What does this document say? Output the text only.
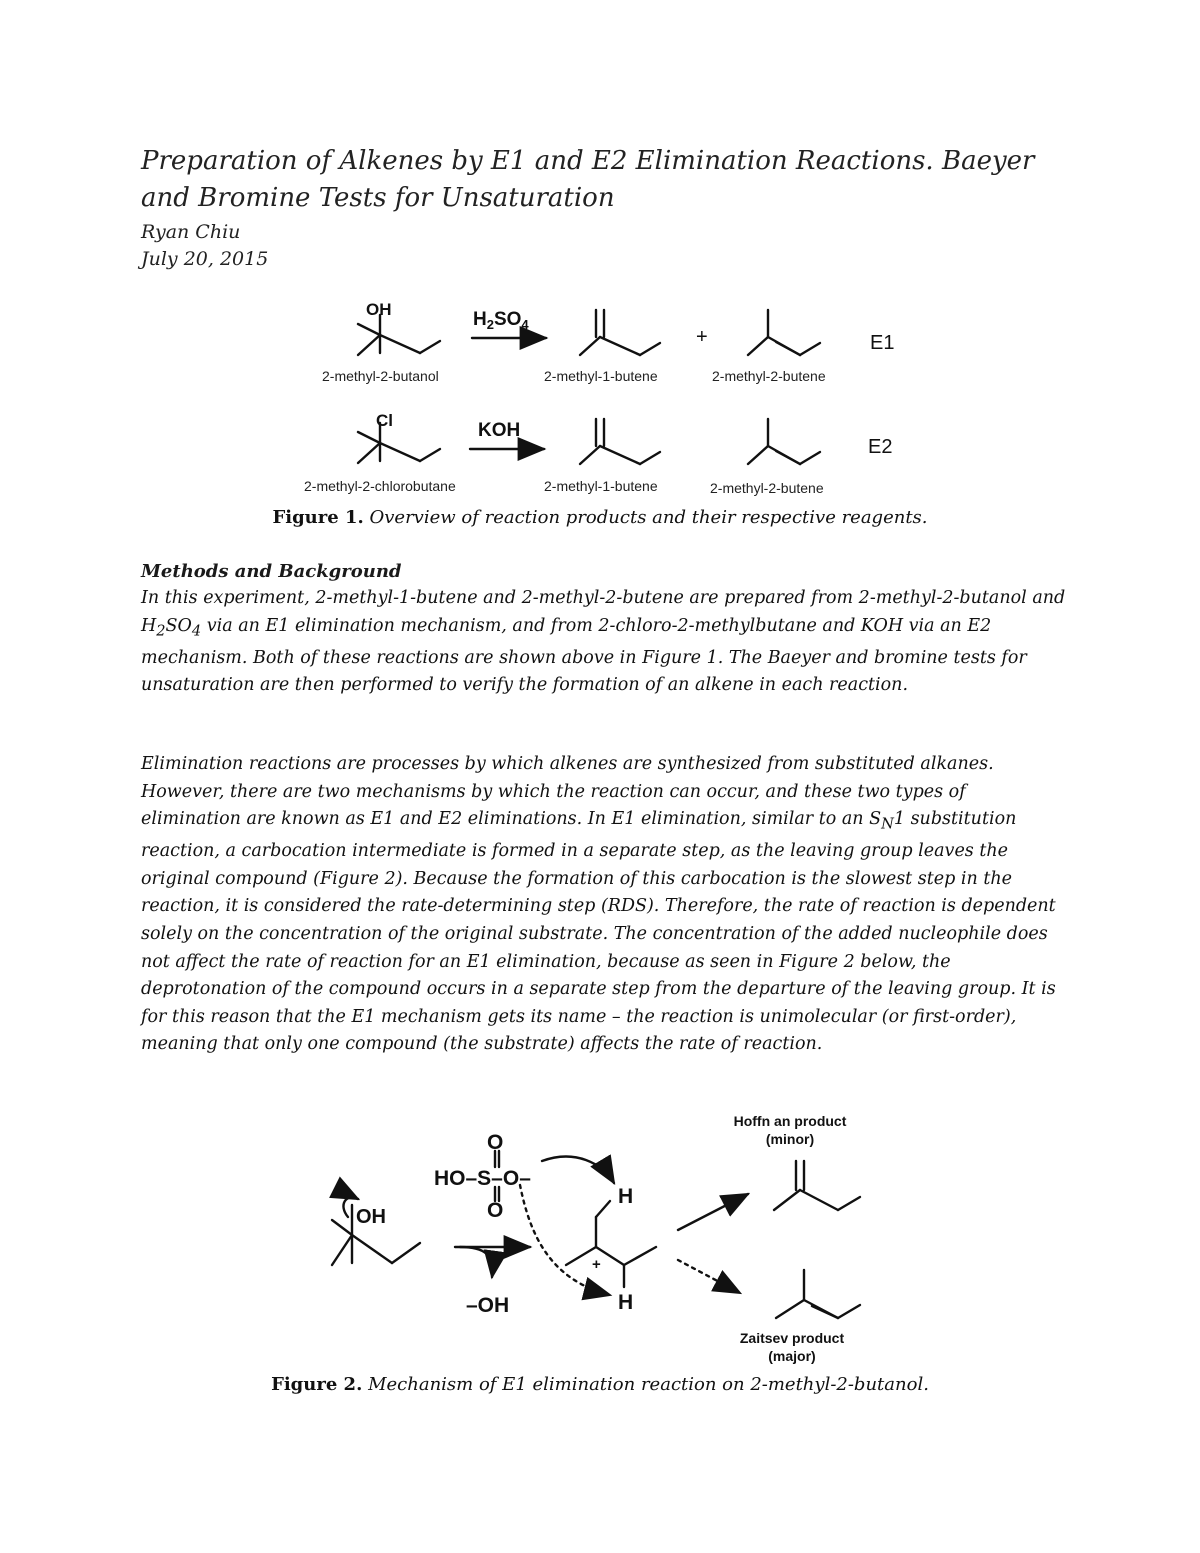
Preparation of Alkenes by E1 and E2 Elimination Reactions. Baeyer and Bromine Tests for Unsaturation
Ryan Chiu
July 20, 2015
OH
Cl
$H_2SO_4$
KOH
2-methyl-2-butanol	2-methyl-1-butene	2-methyl-2-butene
2-methyl-2-chlorobutane	2-methyl-1-butene	2-methyl-2-butene
+	E1
E2
Figure 1. Overview of reaction products and their respective reagents.
Methods and Background

In this experiment, 2-methyl-1-butene and 2-methyl-2-butene are prepared from 2-methyl-2-butanol and $H_2SO_4$ via an E1 elimination mechanism, and from 2-chloro-2-methylbutane and KOH via an E2 mechanism. Both of these reactions are shown above in Figure 1. The Baeyer and bromine tests for unsaturation are then performed to verify the formation of an alkene in each reaction.

Elimination reactions are processes by which alkenes are synthesized from substituted alkanes. However, there are two mechanisms by which the reaction can occur, and these two types of elimination are known as E1 and E2 eliminations. In E1 elimination, similar to an $S_N1$ substitution reaction, a carbocation intermediate is formed in a separate step, as the leaving group leaves the original compound (Figure 2). Because the formation of this carbocation is the slowest step in the reaction, it is considered the rate-determining step (RDS). Therefore, the rate of reaction is dependent solely on the concentration of the original substrate. The concentration of the added nucleophile does not affect the rate of reaction for an E1 elimination, because as seen in Figure 2 below, the deprotonation of the compound occurs in a separate step from the departure of the leaving group. It is for this reason that the E1 mechanism gets its name – the reaction is unimolecular (or first-order), meaning that only one compound (the substrate) affects the rate of reaction.

OH
O
HO–S–O–
O
H
H
+
–OH
Hoffn an product
(minor)
Zaitsev product
(major)
Figure 2. Mechanism of E1 elimination reaction on 2-methyl-2-butanol.
